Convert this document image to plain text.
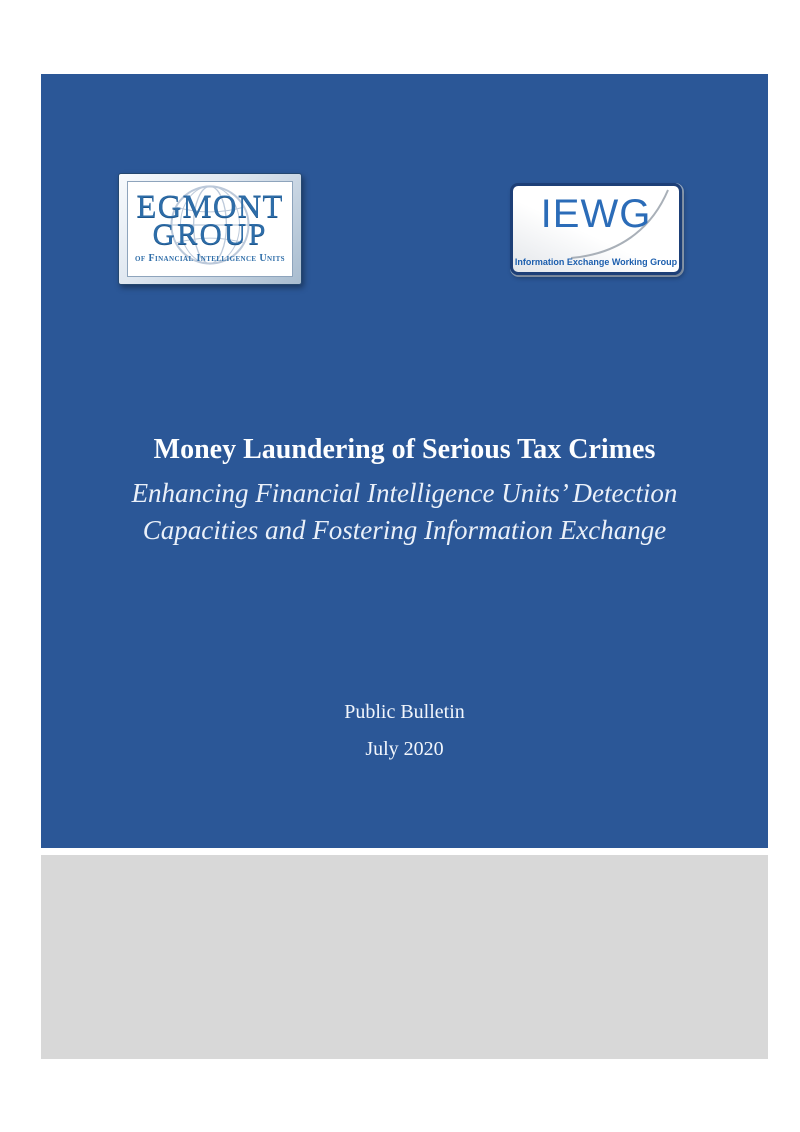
EGMONT
GROUP
of Financial Intelligence Units
IEWG
Information Exchange Working Group
Money Laundering of Serious Tax Crimes
Enhancing Financial Intelligence Units’ Detection
Capacities and Fostering Information Exchange
Public Bulletin
July 2020
